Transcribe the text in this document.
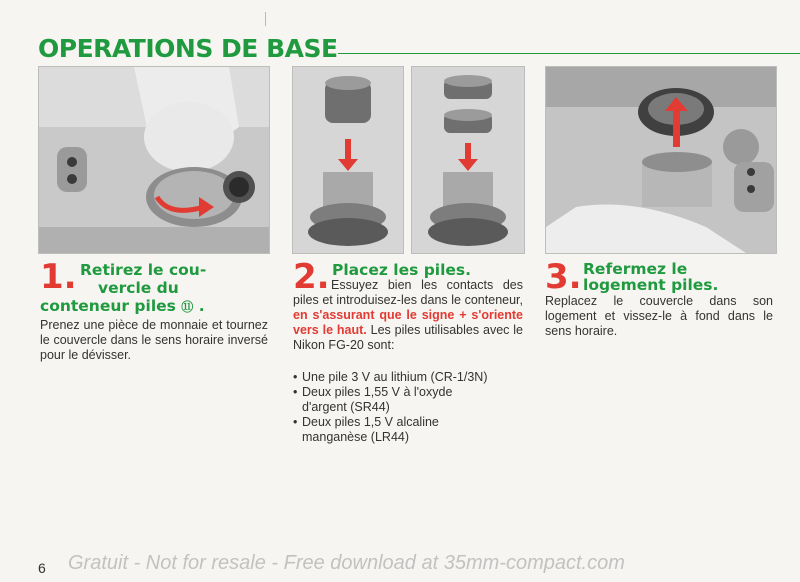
OPERATIONS DE BASE
1. Retirez le cou-
vercle du
conteneur piles ⑪ .
Prenez une pièce de monnaie et tournez le couvercle dans le sens horaire inversé pour le dévisser.
2. Placez les piles.
Essuyez bien les contacts des piles et introduisez-les dans le conteneur, en s'assurant que le signe + s'oriente vers le haut. Les piles utilisables avec le Nikon FG-20 sont:
• Une pile 3 V au lithium (CR-1/3N)
• Deux piles 1,55 V à l'oxyde d'argent (SR44)
• Deux piles 1,5 V alcaline manganèse (LR44)
3. Refermez le
logement piles.
Replacez le couvercle dans son logement et vissez-le à fond dans le sens horaire.
6 Gratuit - Not for resale - Free download at 35mm-compact.com
